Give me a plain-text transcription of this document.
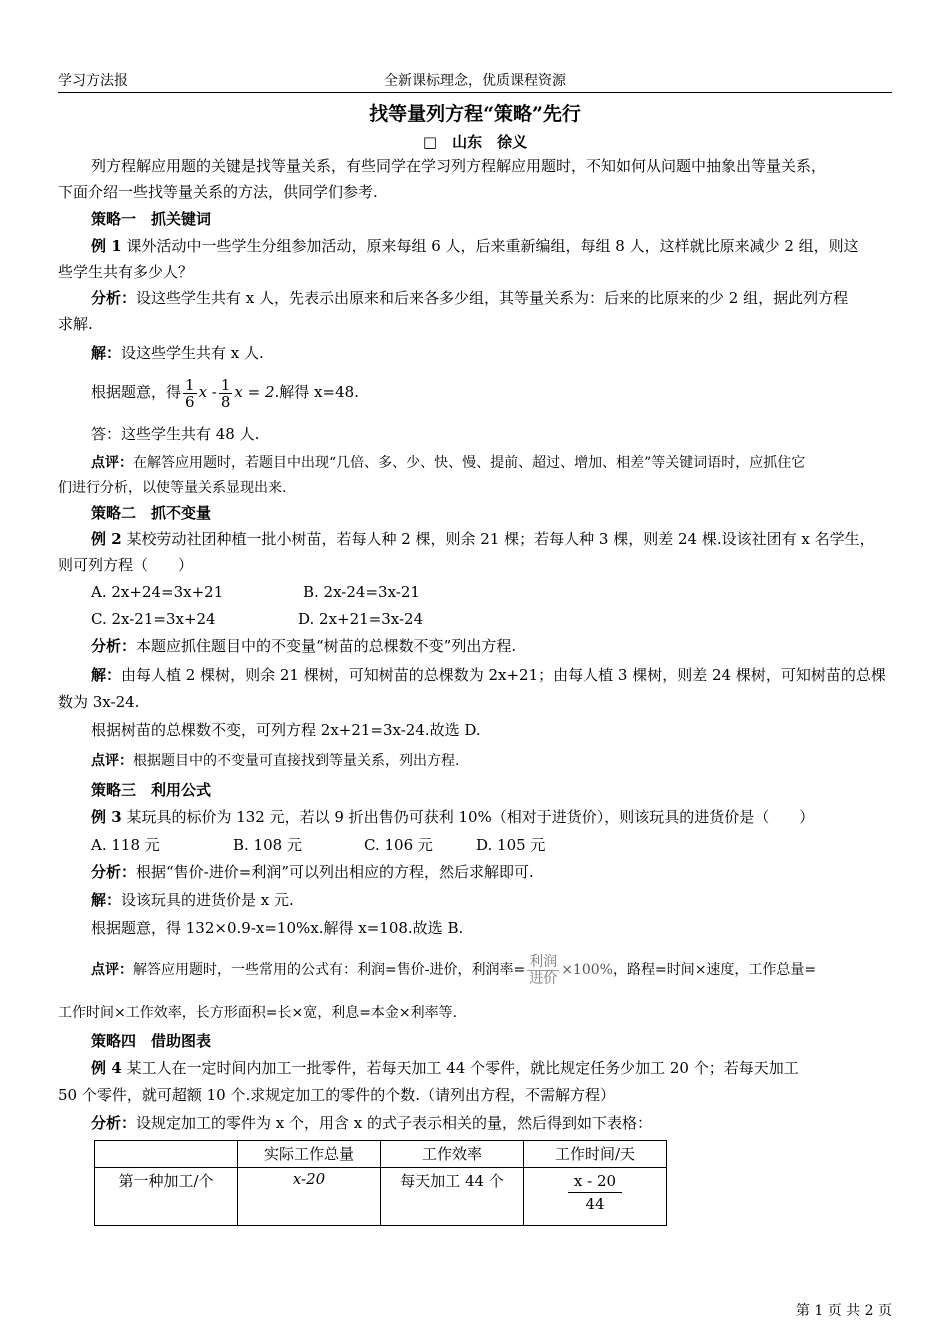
学习方法报	全新课标理念，优质课程资源
找等量列方程“策略”先行
□　山东　徐义
列方程解应用题的关键是找等量关系，有些同学在学习列方程解应用题时，不知如何从问题中抽象出等量关系，
下面介绍一些找等量关系的方法，供同学们参考.
策略一　抓关键词
例 1 课外活动中一些学生分组参加活动，原来每组 6 人，后来重新编组，每组 8 人，这样就比原来减少 2 组，则这
些学生共有多少人？
分析：设这些学生共有 x 人，先表示出原来和后来各多少组，其等量关系为：后来的比原来的少 2 组，据此列方程
求解.
解：设这些学生共有 x 人.
根据题意，得 $\frac{1}{6}$ x - $\frac{1}{8}$ x = 2.解得 x=48.
答：这些学生共有 48 人.
点评：在解答应用题时，若题目中出现“几倍、多、少、快、慢、提前、超过、增加、相差”等关键词语时，应抓住它
们进行分析，以使等量关系显现出来.
策略二　抓不变量
例 2 某校劳动社团种植一批小树苗，若每人种 2 棵，则余 21 棵；若每人种 3 棵，则差 24 棵.设该社团有 x 名学生，
则可列方程（　　）
A. 2x+24=3x+21	B. 2x-24=3x-21
C. 2x-21=3x+24	D. 2x+21=3x-24
分析：本题应抓住题目中的不变量“树苗的总棵数不变”列出方程.
解：由每人植 2 棵树，则余 21 棵树，可知树苗的总棵数为 2x+21；由每人植 3 棵树，则差 24 棵树，可知树苗的总棵
数为 3x-24.
根据树苗的总棵数不变，可列方程 2x+21=3x-24.故选 D.
点评：根据题目中的不变量可直接找到等量关系，列出方程.
策略三　利用公式
例 3 某玩具的标价为 132 元，若以 9 折出售仍可获利 10%（相对于进货价），则该玩具的进货价是（　　）
A. 118 元	B. 108 元	C. 106 元	D. 105 元
分析：根据“售价-进价=利润”可以列出相应的方程，然后求解即可.
解：设该玩具的进货价是 x 元.
根据题意，得 132×0.9-x=10%x.解得 x=108.故选 B.
点评：解答应用题时，一些常用的公式有：利润=售价-进价，利润率= $\frac{\text{利润}}{\text{进价}} \times 100\%$，路程=时间×速度，工作总量=
工作时间×工作效率，长方形面积=长×宽，利息=本金×利率等.
策略四　借助图表
例 4 某工人在一定时间内加工一批零件，若每天加工 44 个零件，就比规定任务少加工 20 个；若每天加工
50 个零件，就可超额 10 个.求规定加工的零件的个数.（请列出方程，不需解方程）
分析：设规定加工的零件为 x 个，用含 x 的式子表示相关的量，然后得到如下表格：
	实际工作总量	工作效率	工作时间/天
第一种加工/个	x-20	每天加工 44 个	$\frac{x - 20}{44}$
第 1 页 共 2 页
